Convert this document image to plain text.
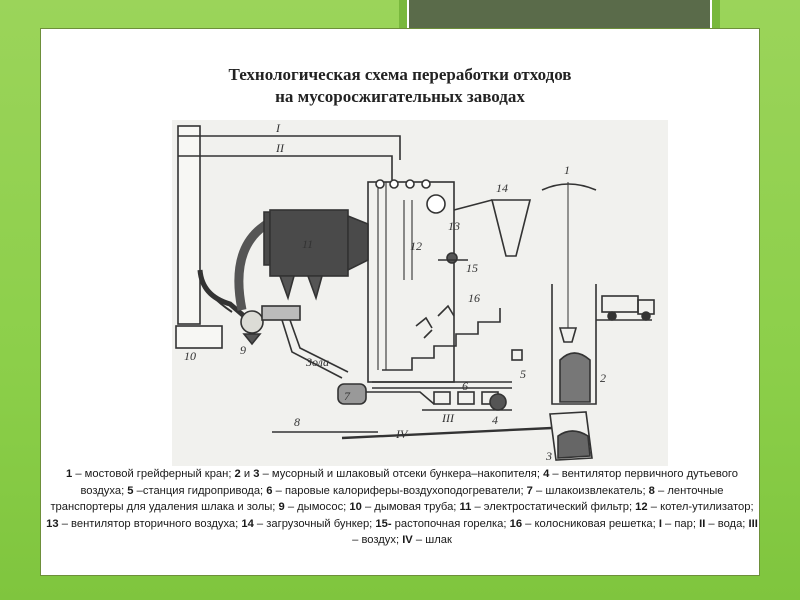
Технологическая схема переработки отходов
на мусоросжигательных заводах
I
II
11
10	9
Зола
7
8
IV
12
13
15
14
16
1
2
3
4
5
6
III
1 – мостовой грейферный кран; 2 и 3 – мусорный и шлаковый отсеки бункера–накопителя; 4 – вентилятор первичного дутьевого воздуха; 5 –станция гидропривода; 6 – паровые калориферы-воздухоподогреватели; 7 – шлакоизвлекатель; 8 – ленточные транспортеры для удаления шлака и золы; 9 – дымосос; 10 – дымовая труба; 11 – электростатический фильтр; 12 – котел-утилизатор; 13 – вентилятор вторичного воздуха; 14 – загрузочный бункер; 15- растопочная горелка; 16 – колосниковая решетка; I – пар; II – вода; III – воздух; IV – шлак
